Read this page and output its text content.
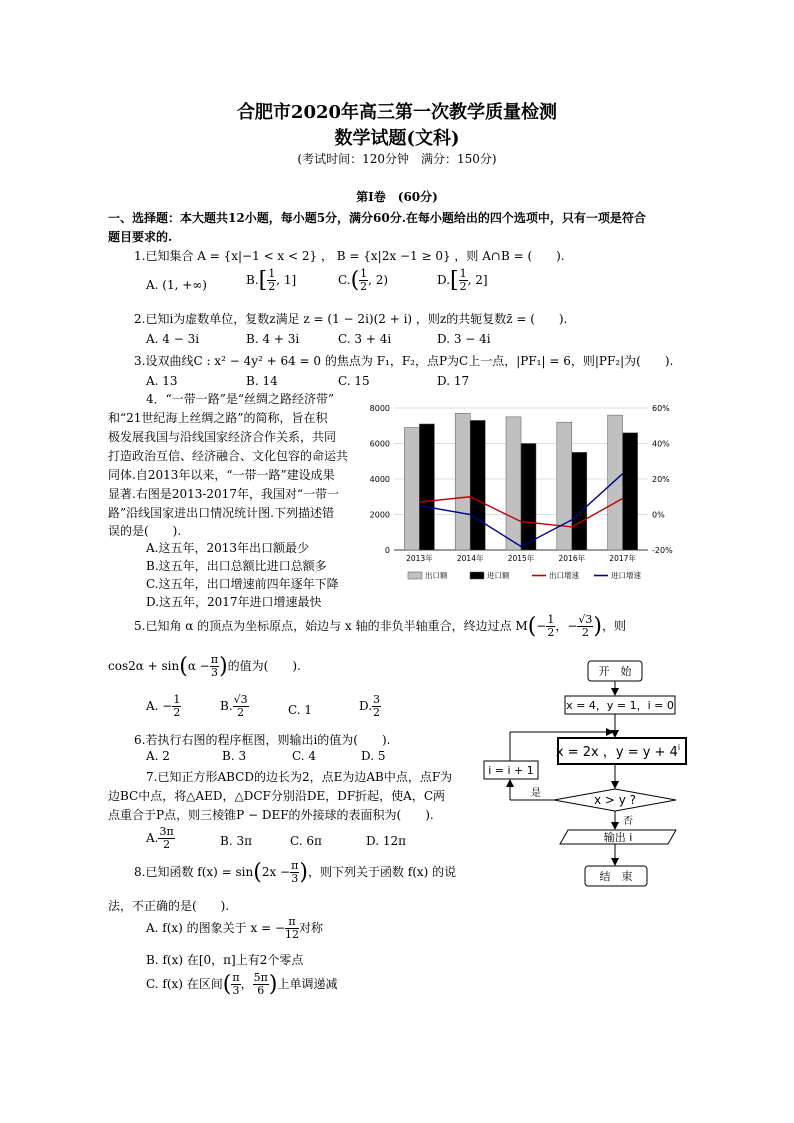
合肥市2020年高三第一次教学质量检测
数学试题(文科)
(考试时间：120分钟　满分：150分)
第Ⅰ卷　(60分)
一、选择题：本大题共12小题，每小题5分，满分60分.在每小题给出的四个选项中，只有一项是符合
题目要求的.
1.已知集合 A = {x|−1 < x < 2} ， B = {x|2x −1 ≥ 0} ，则 A∩B = (　　).
A. (1, +∞)	$B.[ \frac{1}{2}$ , 1]	$C.( \frac{1}{2}$ , 2)	$D.[ \frac{1}{2}$ , 2]
2.已知i为虚数单位，复数z满足 z = (1 − 2i)(2 + i) ，则z的共轭复数z̄ = (　　).
A. 4 − 3i	B. 4 + 3i	C. 3 + 4i	D. 3 − 4i
3.设双曲线C : x² − 4y² + 64 = 0 的焦点为 F₁，F₂，点P为C上一点，|PF₁| = 6，则|PF₂|为(　　).
A. 13	B. 14	C. 15	D. 17
4．“一带一路”是“丝绸之路经济带”
和“21世纪海上丝绸之路”的简称，旨在积
极发展我国与沿线国家经济合作关系，共同
打造政治互信、经济融合、文化包容的命运共
同体.自2013年以来，“一带一路”建设成果
显著.右图是2013-2017年，我国对“一带一
路”沿线国家进出口情况统计图.下列描述错
误的是(　　).
A.这五年，2013年出口额最少
B.这五年，出口总额比进口总额多
C.这五年，出口增速前四年逐年下降
D.这五年，2017年进口增速最快
0
2000
4000
6000
8000
-20%
0%
20%
40%
60%
2013年	2014年	2015年	2016年	2017年
出口额	进口额	出口增速	进口增速
5.已知角 α 的顶点为坐标原点，始边与 x 轴的非负半轴重合，终边过点 $M(- \frac{1}{2}$ ，− $\frac{√3}{2}$ )，则
$\cos 2\alpha + \sin(\alpha - \frac{\pi}{3}$ )的值为(　　).
A. − $\frac{1}{2}$	B. $\frac{√3}{2}$	C. 1	D. $\frac{3}{2}$
6.若执行右图的程序框图，则输出i的值为(　　).
A. 2	B. 3	C. 4	D. 5
7.已知正方形ABCD的边长为2，点E为边AB中点，点F为
边BC中点，将△AED，△DCF分别沿DE，DF折起，使A，C两
点重合于P点，则三棱锥P − DEF的外接球的表面积为(　　).
A. $\frac{3\pi}{2}$	B. 3π	C. 6π	D. 12π
8.已知函数 $f(x) = \sin(2x - \frac{\pi}{3}$ )，则下列关于函数 f(x) 的说
法，不正确的是(　　).
A. f(x) 的图象关于 x = − $\frac{\pi}{12}$ 对称
B. f(x) 在[0，π]上有2个零点
C. f(x) 在区间( $\frac{\pi}{3}$ ， $\frac{5\pi}{6}$ )上单调递减
开　始
x = 4，y = 1，i = 0
x = 2x ，$y = y + 4^i$
x > y ?
是
i = i + 1
否
输出 i
结　束
